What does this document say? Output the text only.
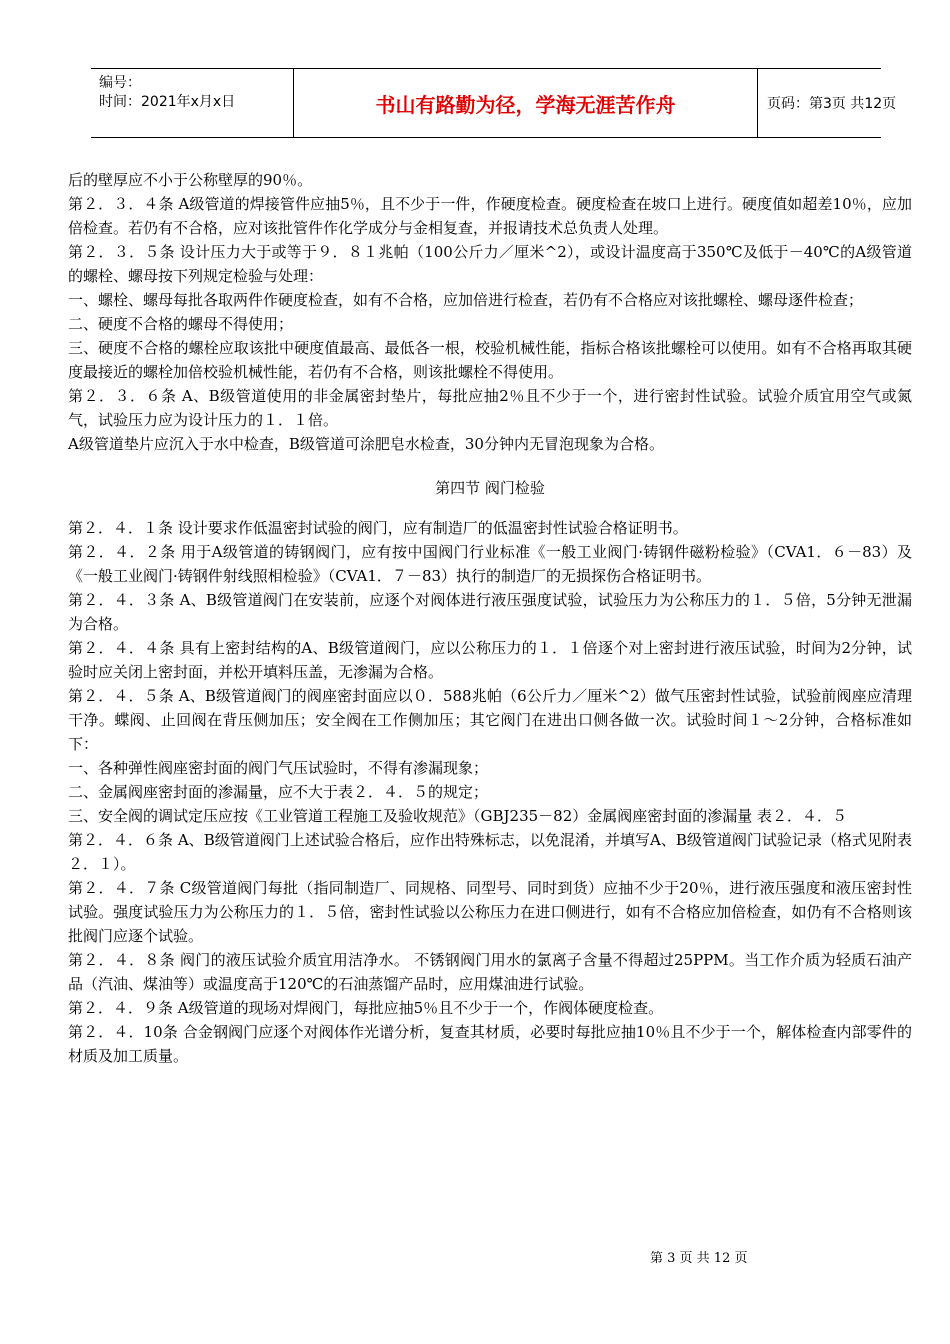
编号：
时间：2021年x月x日	书山有路勤为径，学海无涯苦作舟	页码：第3页 共12页

后的壁厚应不小于公称壁厚的90％。

第２．３．４条 A级管道的焊接管件应抽5％，且不少于一件，作硬度检查。硬度检查在坡口上进行。硬度值如超差10％，应加倍检查。若仍有不合格，应对该批管件作化学成分与金相复查，并报请技术总负责人处理。

第２．３．５条 设计压力大于或等于９．８１兆帕（100公斤力／厘米^2），或设计温度高于350℃及低于－40℃的A级管道的螺栓、螺母按下列规定检验与处理：

一、螺栓、螺母每批各取两件作硬度检查，如有不合格，应加倍进行检查，若仍有不合格应对该批螺栓、螺母逐件检查；

二、硬度不合格的螺母不得使用；

三、硬度不合格的螺栓应取该批中硬度值最高、最低各一根，校验机械性能，指标合格该批螺栓可以使用。如有不合格再取其硬度最接近的螺栓加倍校验机械性能，若仍有不合格，则该批螺栓不得使用。

第２．３．６条 A、B级管道使用的非金属密封垫片，每批应抽2％且不少于一个，进行密封性试验。试验介质宜用空气或氮气，试验压力应为设计压力的１．１倍。

A级管道垫片应沉入于水中检查，B级管道可涂肥皂水检查，30分钟内无冒泡现象为合格。

第四节 阀门检验

第２．４．１条 设计要求作低温密封试验的阀门，应有制造厂的低温密封性试验合格证明书。

第２．４．２条 用于A级管道的铸钢阀门，应有按中国阀门行业标准《一般工业阀门·铸钢件磁粉检验》（CVA1．６－83）及《一般工业阀门·铸钢件射线照相检验》（CVA1．７－83）执行的制造厂的无损探伤合格证明书。

第２．４．３条 A、B级管道阀门在安装前，应逐个对阀体进行液压强度试验，试验压力为公称压力的１．５倍，5分钟无泄漏为合格。

第２．４．４条 具有上密封结构的A、B级管道阀门，应以公称压力的１．１倍逐个对上密封进行液压试验，时间为2分钟，试验时应关闭上密封面，并松开填料压盖，无渗漏为合格。

第２．４．５条 A、B级管道阀门的阀座密封面应以０．588兆帕（6公斤力／厘米^2）做气压密封性试验，试验前阀座应清理干净。蝶阀、止回阀在背压侧加压；安全阀在工作侧加压；其它阀门在进出口侧各做一次。试验时间１～2分钟，合格标准如下：

一、各种弹性阀座密封面的阀门气压试验时，不得有渗漏现象；

二、金属阀座密封面的渗漏量，应不大于表２．４．５的规定；

三、安全阀的调试定压应按《工业管道工程施工及验收规范》（GBJ235－82）金属阀座密封面的渗漏量 表２．４．５

第２．４．６条 A、B级管道阀门上述试验合格后，应作出特殊标志，以免混淆，并填写A、B级管道阀门试验记录（格式见附表２．１）。

第２．４．７条 C级管道阀门每批（指同制造厂、同规格、同型号、同时到货）应抽不少于20％，进行液压强度和液压密封性试验。强度试验压力为公称压力的１．５倍，密封性试验以公称压力在进口侧进行，如有不合格应加倍检查，如仍有不合格则该批阀门应逐个试验。

第２．４．８条 阀门的液压试验介质宜用洁净水。 不锈钢阀门用水的氯离子含量不得超过25PPM。当工作介质为轻质石油产品（汽油、煤油等）或温度高于120℃的石油蒸馏产品时，应用煤油进行试验。

第２．４．９条 A级管道的现场对焊阀门，每批应抽5％且不少于一个，作阀体硬度检查。

第２．４．10条 合金钢阀门应逐个对阀体作光谱分析，复查其材质，必要时每批应抽10％且不少于一个，解体检查内部零件的材质及加工质量。

第 3 页 共 12 页
